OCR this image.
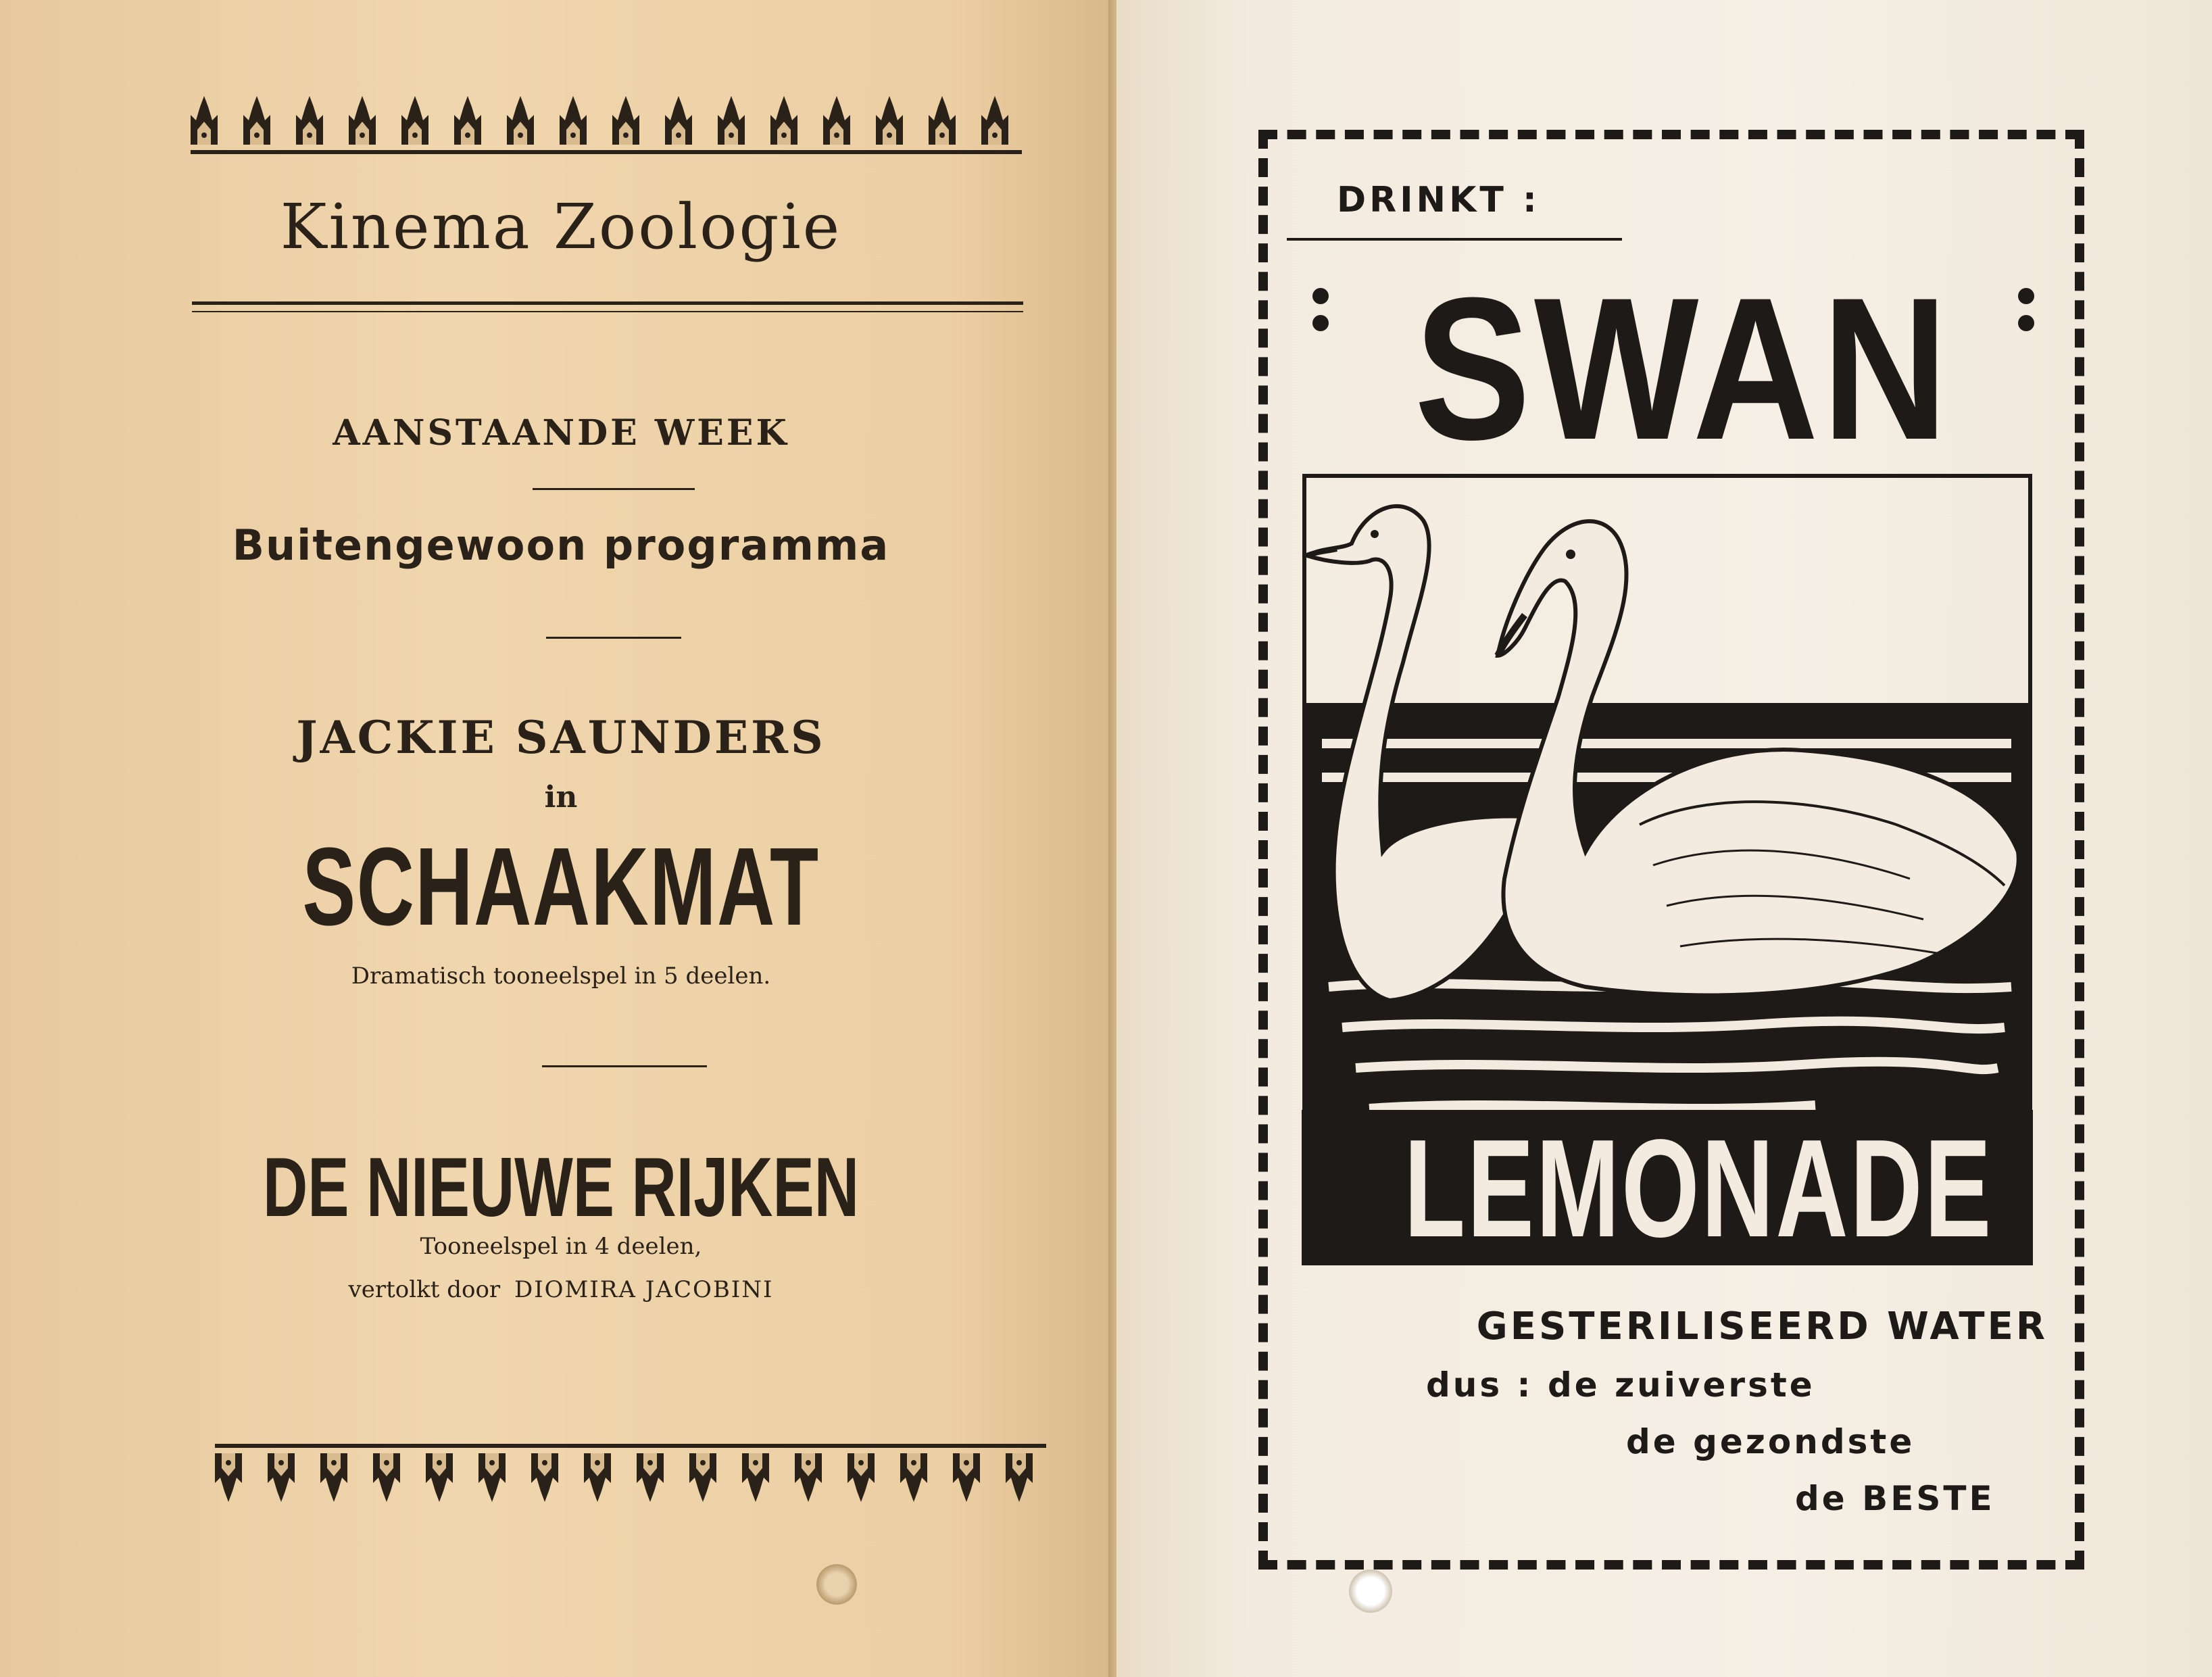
Kinema Zoologie
AANSTAANDE WEEK
Buitengewoon programma
JACKIE SAUNDERS
in
SCHAAKMAT
Dramatisch tooneelspel in 5 deelen.
DE NIEUWE RIJKEN
Tooneelspel in 4 deelen,
vertolkt door DIOMIRA JACOBINI
DRINKT :
SWAN
LEMONADE
GESTERILISEERD WATER
dus : de zuiverste
de gezondste
de BESTE
